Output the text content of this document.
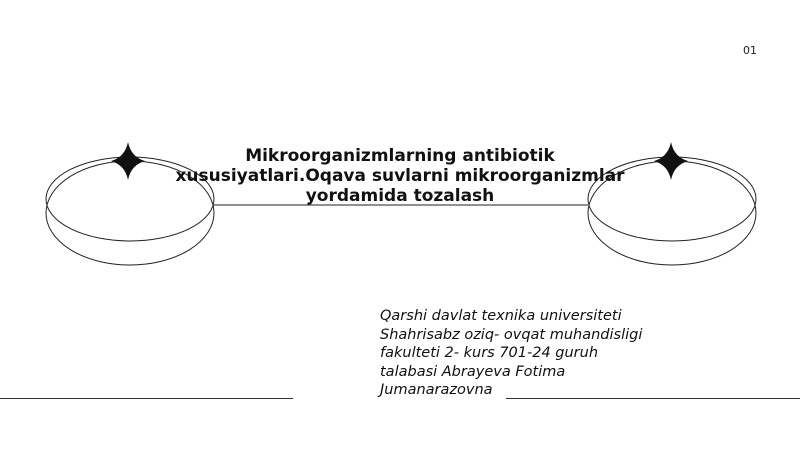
01
Mikroorganizmlarning antibiotik xususiyatlari.Oqava suvlarni mikroorganizmlar yordamida tozalash
Qarshi davlat texnika universiteti
Shahrisabz oziq- ovqat muhandisligi
fakulteti 2- kurs 701-24 guruh
talabasi Abrayeva Fotima
Jumanarazovna
